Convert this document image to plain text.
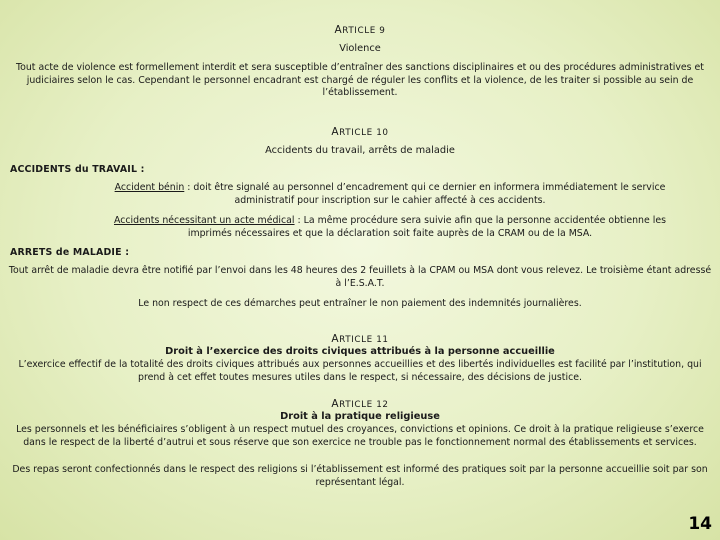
ARTICLE 9
Violence
Tout acte de violence est formellement interdit et sera susceptible d’entraîner des sanctions disciplinaires et ou des procédures administratives et judiciaires selon le cas. Cependant le personnel encadrant est chargé de réguler les conflits et la violence, de les traiter si possible au sein de l’établissement.
ARTICLE 10
Accidents du travail, arrêts de maladie
ACCIDENTS du TRAVAIL :
Accident bénin : doit être signalé au personnel d’encadrement qui ce dernier en informera immédiatement le service administratif pour inscription sur le cahier affecté à ces accidents.
Accidents nécessitant un acte médical : La même procédure sera suivie afin que la personne accidentée obtienne les imprimés nécessaires et que la déclaration soit faite auprès de la CRAM ou de la MSA.
ARRETS de MALADIE :
Tout arrêt de maladie devra être notifié par l’envoi dans les 48 heures des 2 feuillets à la CPAM ou MSA dont vous relevez. Le troisième étant adressé à l’E.S.A.T.
Le non respect de ces démarches peut entraîner le non paiement des indemnités journalières.
ARTICLE 11
Droit à l’exercice des droits civiques attribués à la personne accueillie
L’exercice effectif de la totalité des droits civiques attribués aux personnes accueillies et des libertés individuelles est facilité par l’institution, qui prend à cet effet toutes mesures utiles dans le respect, si nécessaire, des décisions de justice.
ARTICLE 12
Droit à la pratique religieuse
Les personnels et les bénéficiaires s’obligent à un respect mutuel des croyances, convictions et opinions. Ce droit à la pratique religieuse s’exerce dans le respect de la liberté d’autrui et sous réserve que son exercice ne trouble pas le fonctionnement normal des établissements et services.
Des repas seront confectionnés dans le respect des religions si l’établissement est informé des pratiques soit par la personne accueillie soit par son représentant légal.
14
